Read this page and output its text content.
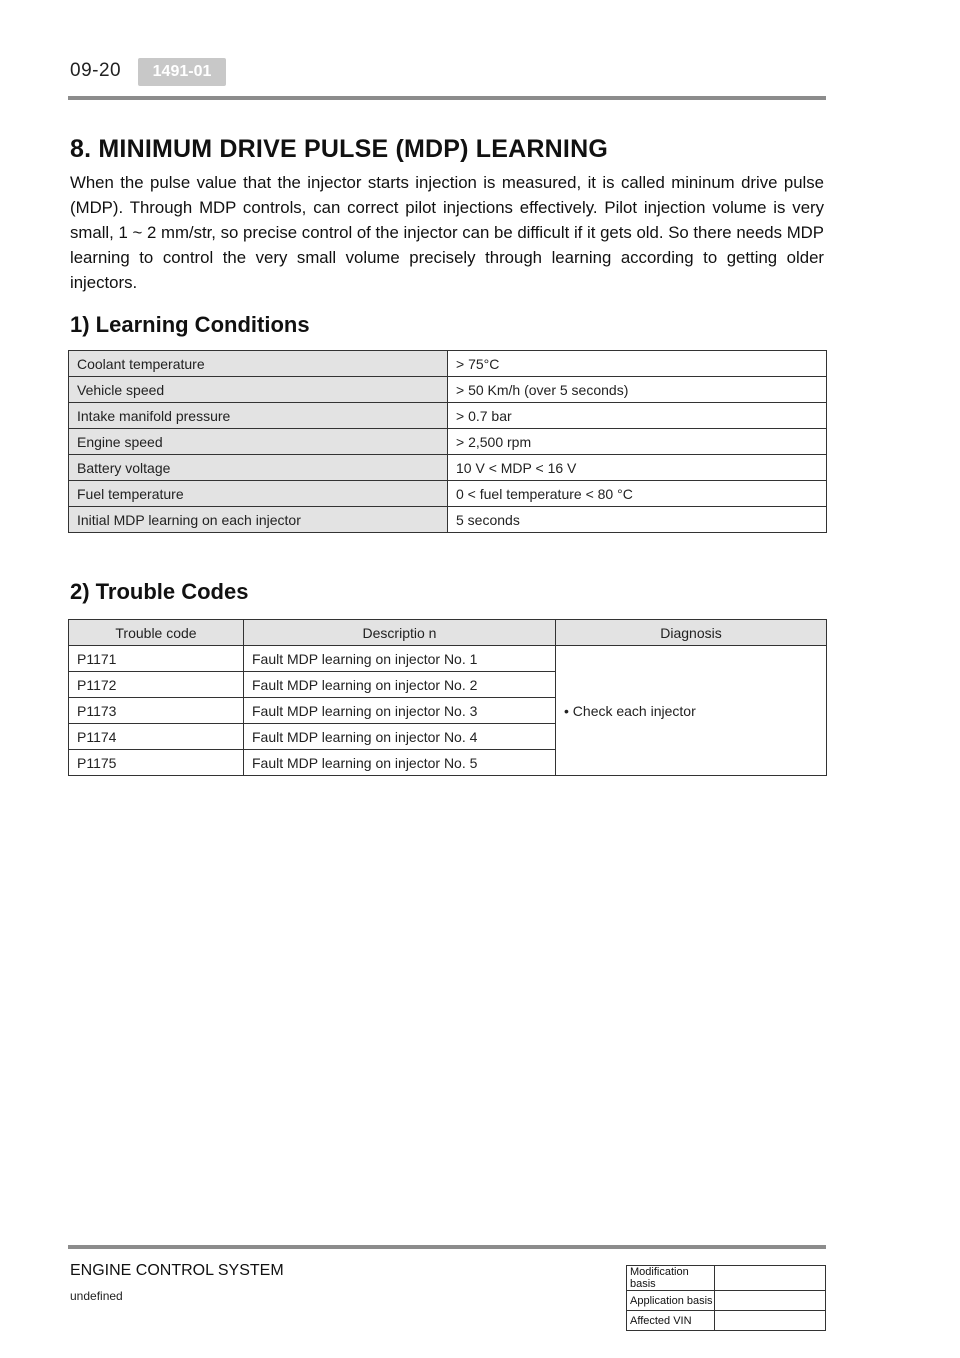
09-20	1491-01
8. MINIMUM DRIVE PULSE (MDP) LEARNING

When the pulse value that the injector starts injection is measured, it is called mininum drive pulse (MDP). Through MDP controls, can correct pilot injections effectively. Pilot injection volume is very small, 1 ~ 2 mm/str, so precise control of the injector can be difficult if it gets old. So there needs MDP learning to control the very small volume precisely through learning according to getting older injectors.

1) Learning Conditions
Coolant temperature	> 75°C
Vehicle speed	> 50 Km/h (over 5 seconds)
Intake manifold pressure	> 0.7 bar
Engine speed	> 2,500 rpm
Battery voltage	10 V < MDP < 16 V
Fuel temperature	0 < fuel temperature < 80 °C
Initial MDP learning on each injector	5 seconds
2) Trouble Codes
Trouble code	Descriptio n	Diagnosis
P1171	Fault MDP learning on injector No. 1	• Check each injector
P1172	Fault MDP learning on injector No. 2	
P1173	Fault MDP learning on injector No. 3	
P1174	Fault MDP learning on injector No. 4	
P1175	Fault MDP learning on injector No. 5	
ENGINE CONTROL SYSTEM
undefined
Modification basis	
Application basis	
Affected VIN	
